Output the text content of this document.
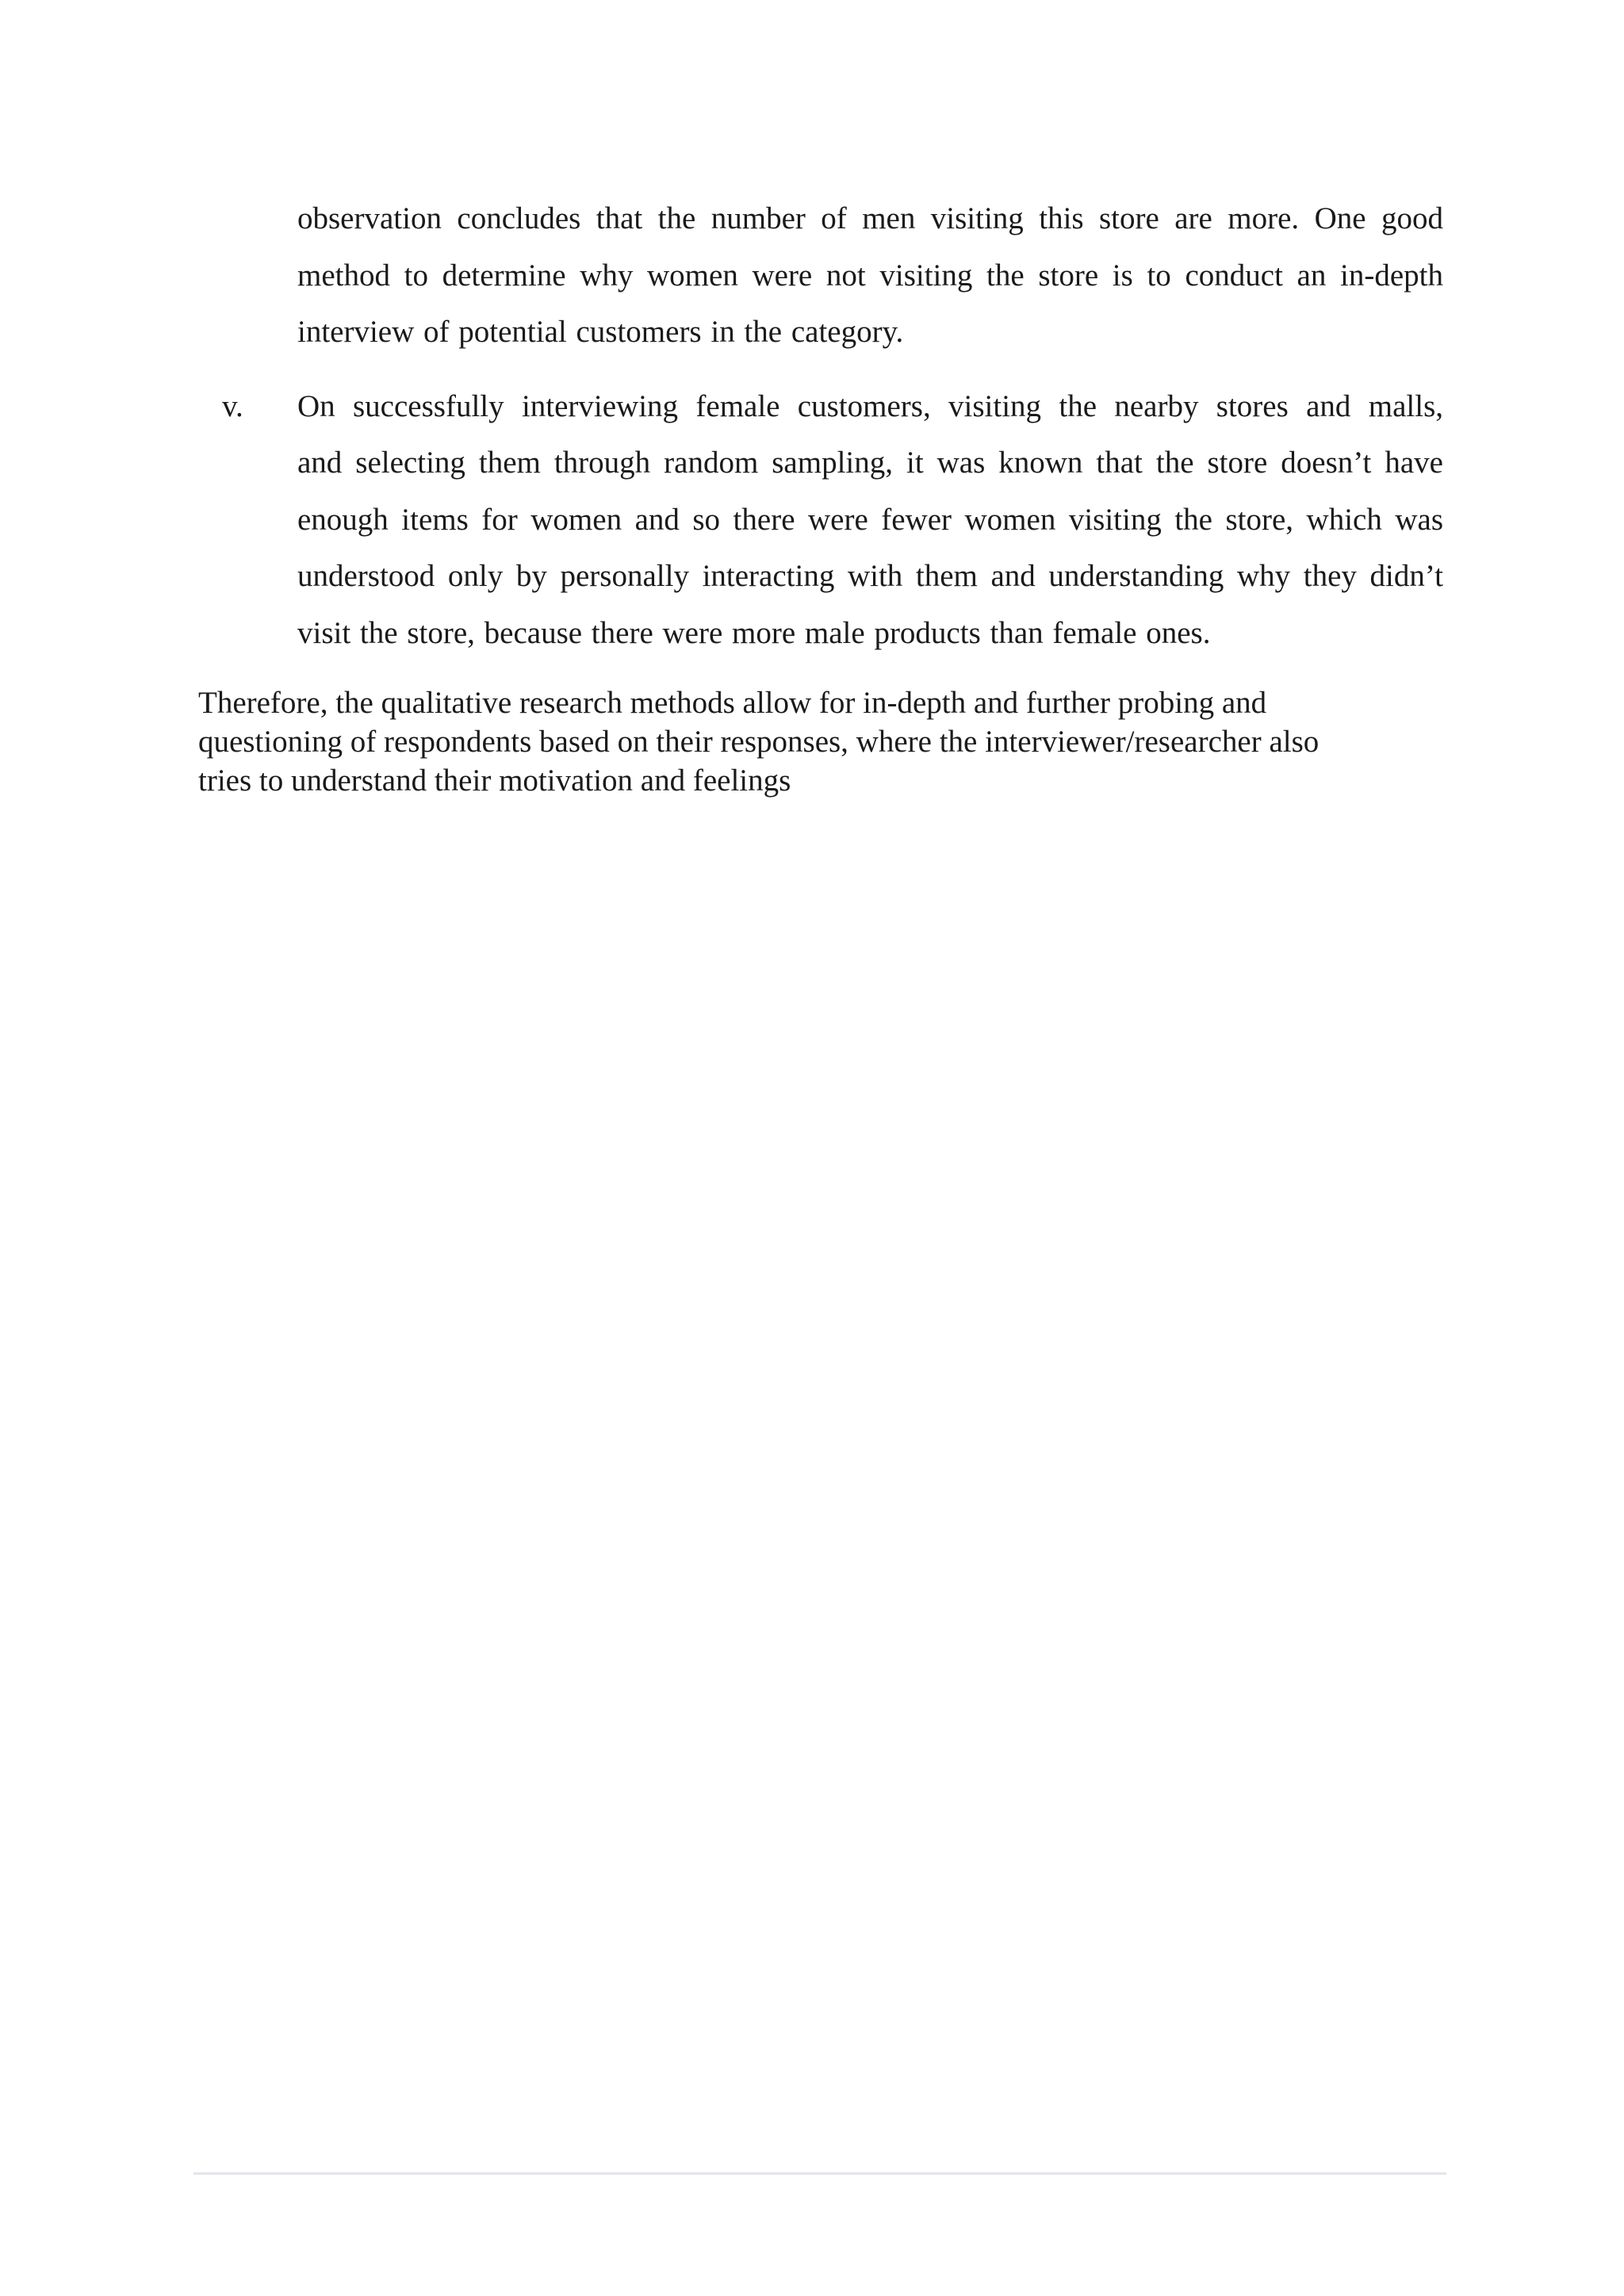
observation concludes that the number of men visiting this store are more. One good
method to determine why women were not visiting the store is to conduct an in-depth
interview of potential customers in the category.
v.	On successfully interviewing female customers, visiting the nearby stores and malls,
and selecting them through random sampling, it was known that the store doesn’t have
enough items for women and so there were fewer women visiting the store, which was
understood only by personally interacting with them and understanding why they didn’t
visit the store, because there were more male products than female ones.
Therefore, the qualitative research methods allow for in-depth and further probing and
questioning of respondents based on their responses, where the interviewer/researcher also
tries to understand their motivation and feelings
